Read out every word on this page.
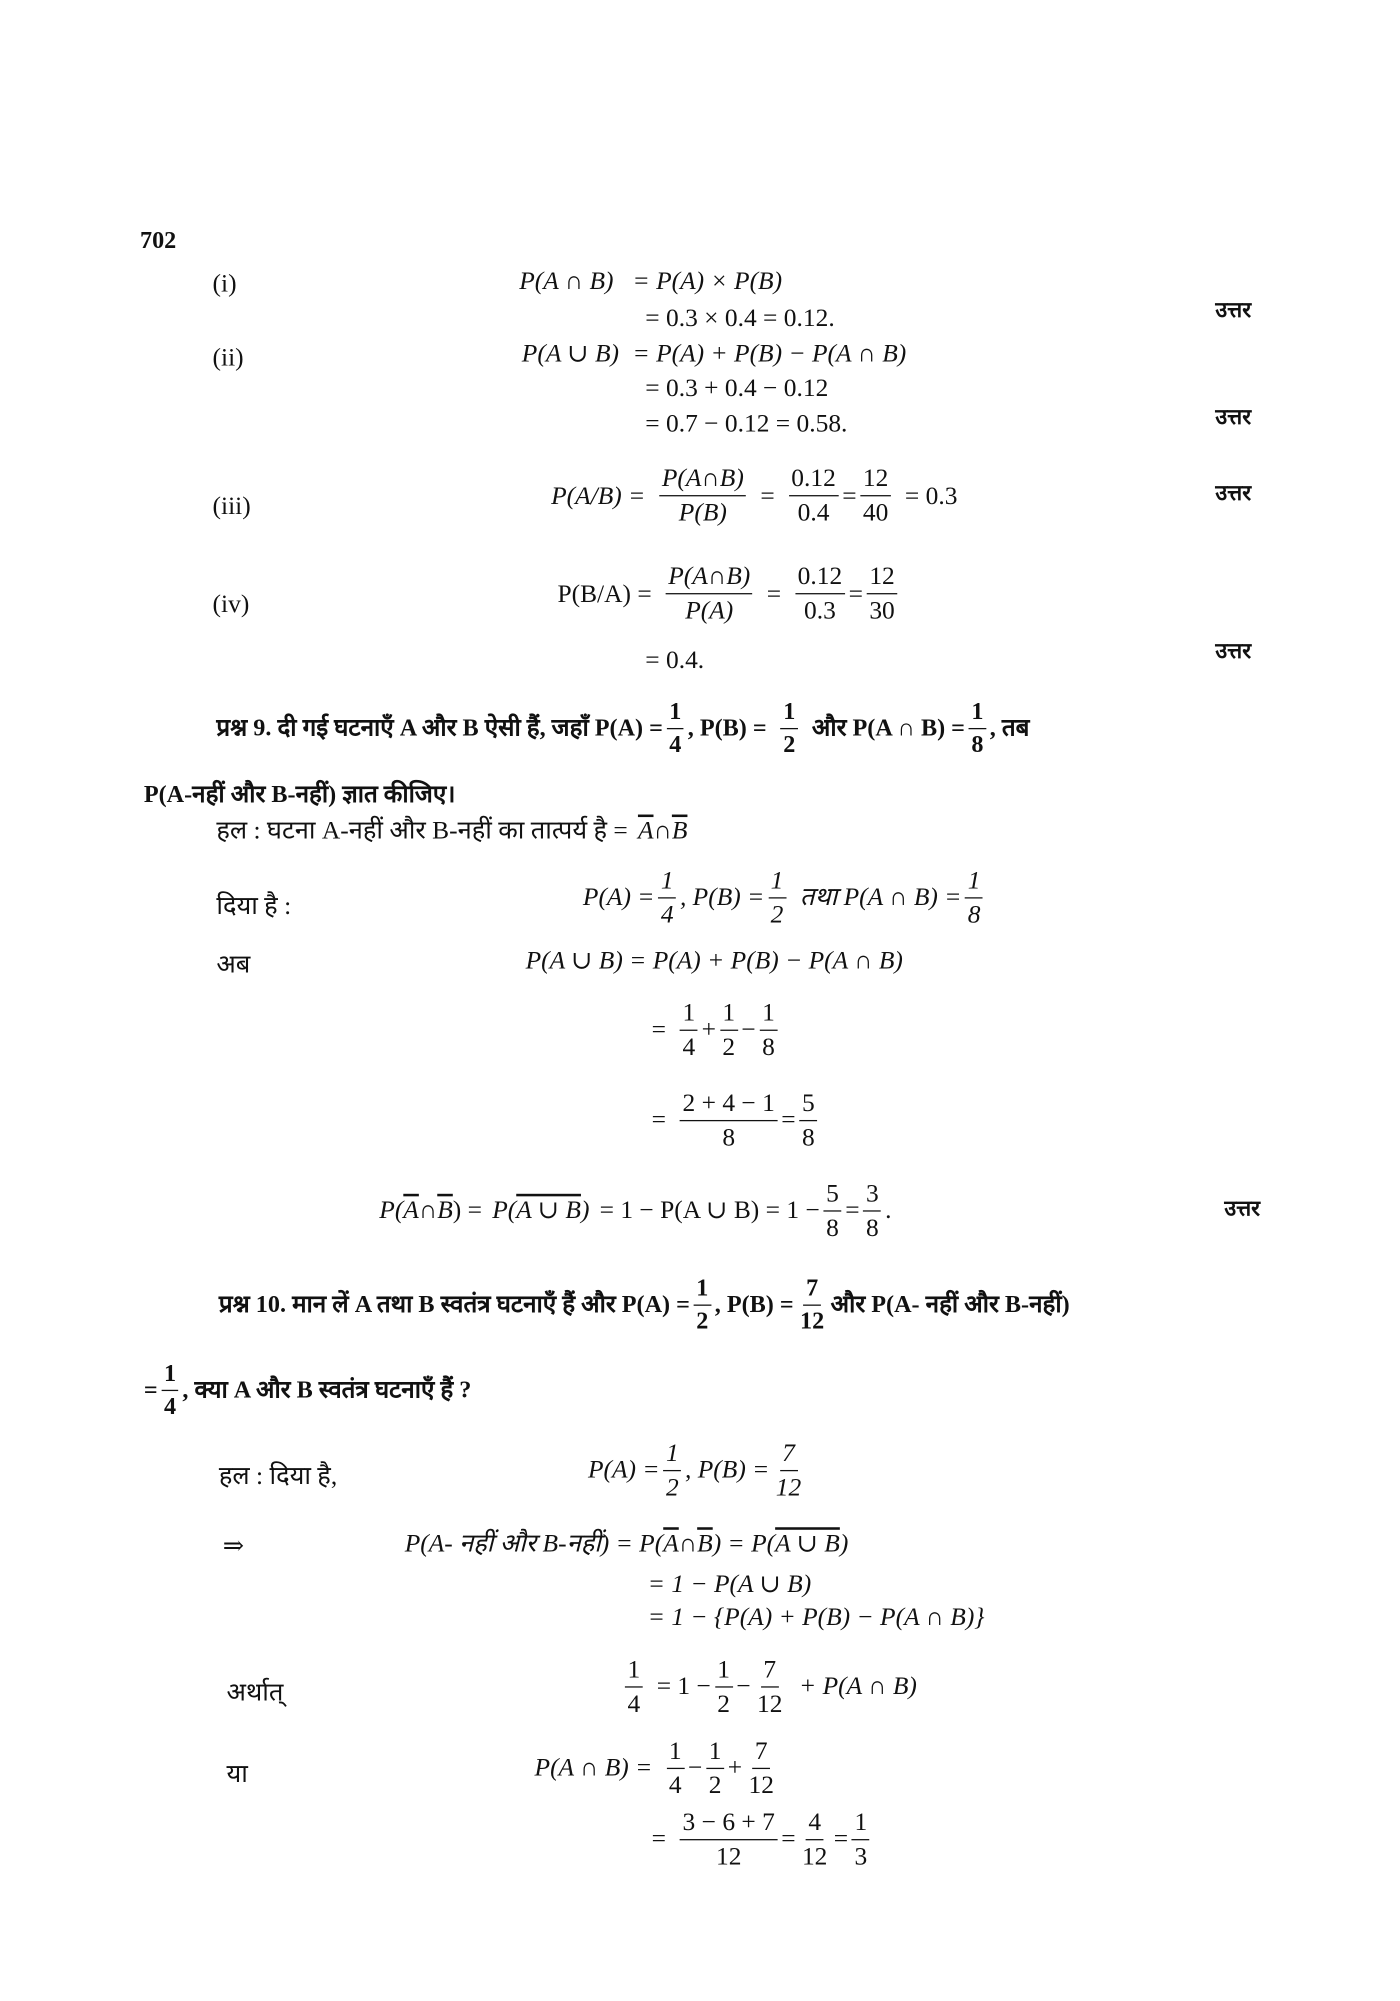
702
(i)	P(A ∩ B) = P(A) × P(B)
= 0.3 × 0.4 = 0.12.	उत्तर
(ii)	P(A ∪ B) = P(A) + P(B) − P(A ∩ B)
= 0.3 + 0.4 − 0.12
= 0.7 − 0.12 = 0.58.	उत्तर
(iii)	$P(A/B) = \frac{P(A\cap B)}{P(B)} = \frac{0.12}{0.4} = \frac{12}{40} = 0.3$	उत्तर
(iv)	$P(B/A) = \frac{P(A\cap B)}{P(A)} = \frac{0.12}{0.3} = \frac{12}{30}$
= 0.4.	उत्तर
प्रश्न 9. दी गई घटनाएँ A और B ऐसी हैं, जहाँ $P(A) = \frac{1}{4}$ , $P(B) = \frac{1}{2}$ और P(A ∩ $B) = \frac{1}{8}$ , तब
P(A-नहीं और B-नहीं) ज्ञात कीजिए।
हल : घटना A-नहीं और B-नहीं का तात्पर्य है = $\overline{A}$ ∩ $\overline{B}$
दिया है :	$P(A) = \frac{1}{4}$ , $P(B) = \frac{1}{2}$ तथा P(A ∩ $B) = \frac{1}{8}$
अब	P(A ∪ B) = P(A) + P(B) − P(A ∩ B)
= $\frac{1}{4} + \frac{1}{2} - \frac{1}{8}$
= $\frac{2 + 4 - 1}{8} = \frac{5}{8}$
P( $\overline{A}$ ∩ $\overline{B}$ ) = P( A ∪ B ) = 1 − P(A ∪ $B) = 1 - \frac{5}{8} = \frac{3}{8}$ .	उत्तर
प्रश्न 10. मान लें A तथा B स्वतंत्र घटनाएँ हैं और $P(A) = \frac{1}{2}$ , $P(B) = \frac{7}{12}$ और P(A- नहीं और B-नहीं)
= $\frac{1}{4}$ , क्या A और B स्वतंत्र घटनाएँ हैं ?
हल : दिया है,	$P(A) = \frac{1}{2}$ , $P(B) = \frac{7}{12}$
⇒	P(A- नहीं और B-नहीं) = P( $\overline{A}$ ∩ $\overline{B}$ ) = P( A ∪ B )
= 1 − P(A ∪ B)
= 1 − {P(A) + P(B) − P(A ∩ B)}
अर्थात्	$\frac{1}{4} = 1 - \frac{1}{2} - \frac{7}{12} + P(A$ ∩ B)
या	P(A ∩ $B) = \frac{1}{4} - \frac{1}{2} + \frac{7}{12}$
= $\frac{3 - 6 + 7}{12} = \frac{4}{12} = \frac{1}{3}$
